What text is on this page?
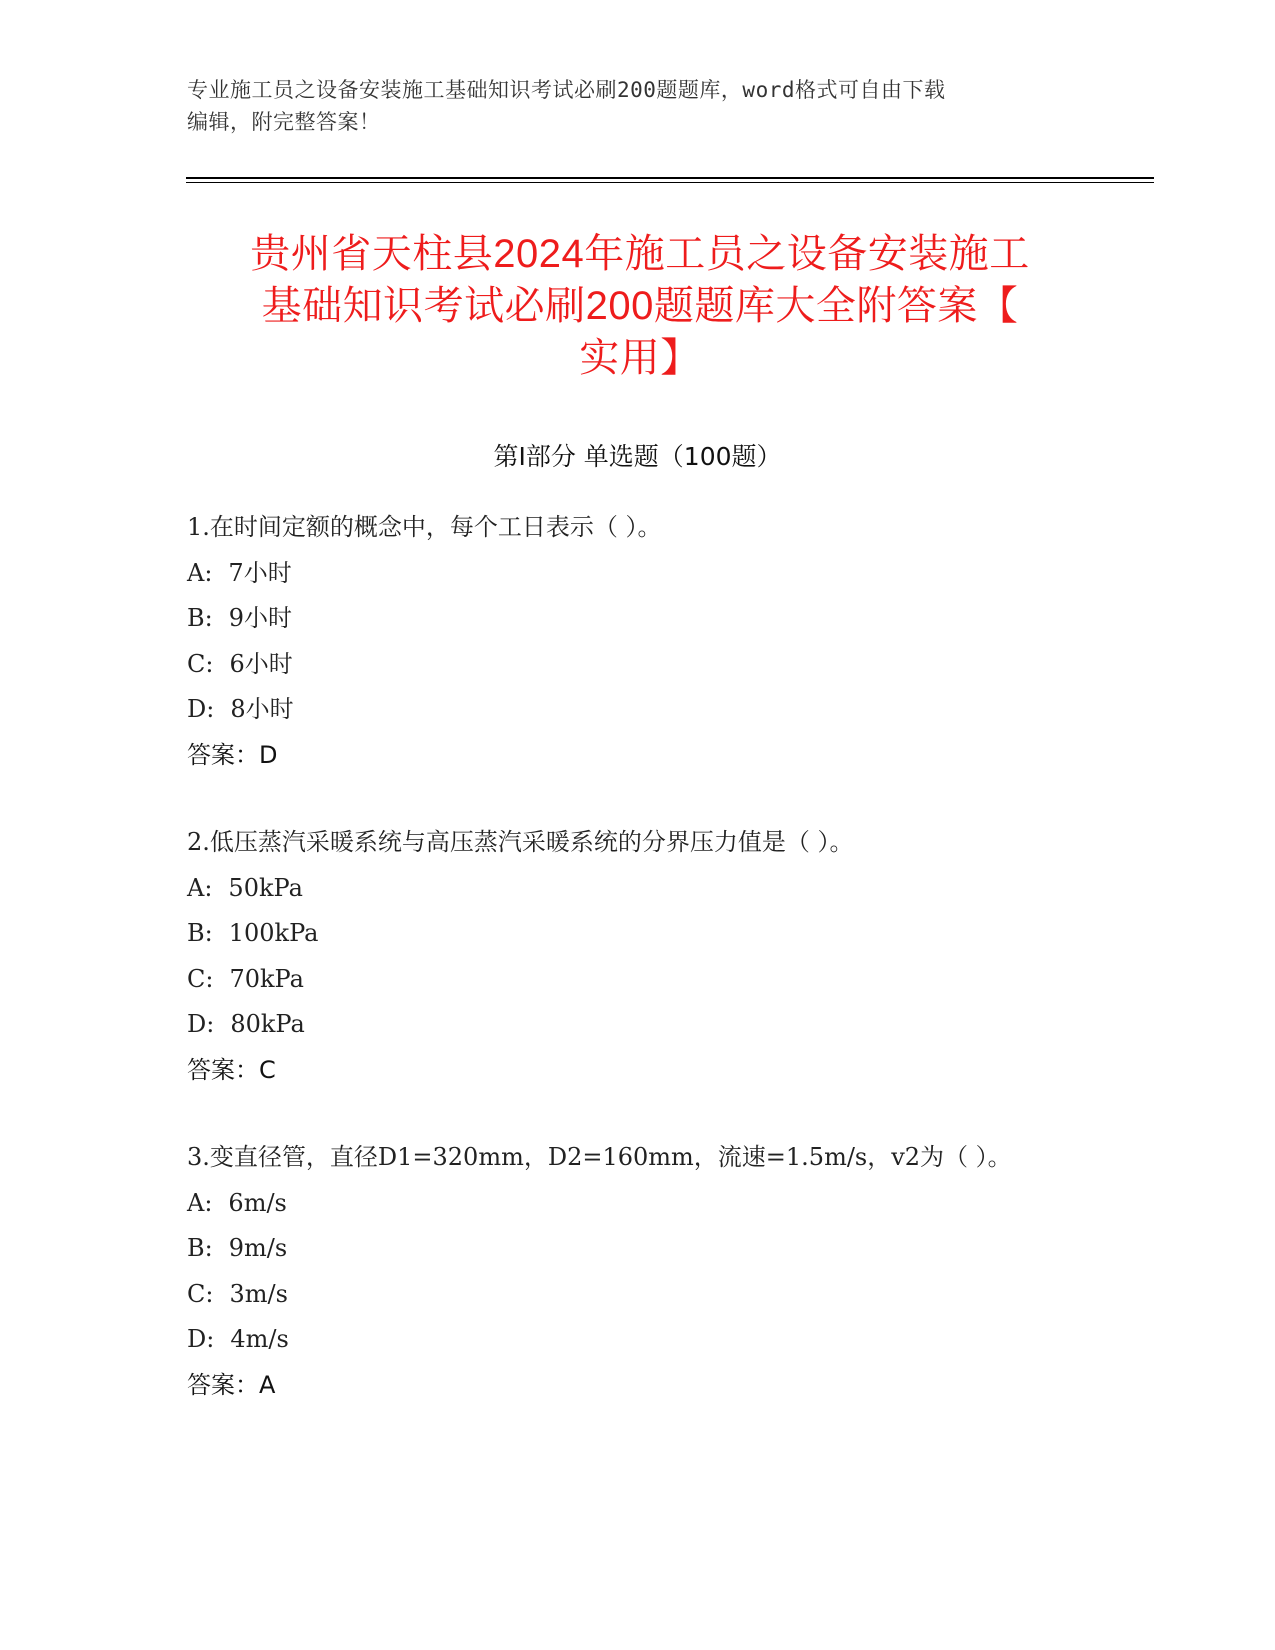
专业施工员之设备安装施工基础知识考试必刷200题题库，word格式可自由下载
编辑，附完整答案！
贵州省天柱县2024年施工员之设备安装施工
基础知识考试必刷200题题库大全附答案【
实用】
第Ⅰ部分 单选题（100题）
1.在时间定额的概念中，每个工日表示（ ）。
A: 7小时
B: 9小时
C: 6小时
D: 8小时
答案：D
2.低压蒸汽采暖系统与高压蒸汽采暖系统的分界压力值是（ ）。
A: 50kPa
B: 100kPa
C: 70kPa
D: 80kPa
答案：C
3.变直径管，直径D1=320mm，D2=160mm，流速=1.5m/s，v2为（ ）。
A: 6m/s
B: 9m/s
C: 3m/s
D: 4m/s
答案：A
